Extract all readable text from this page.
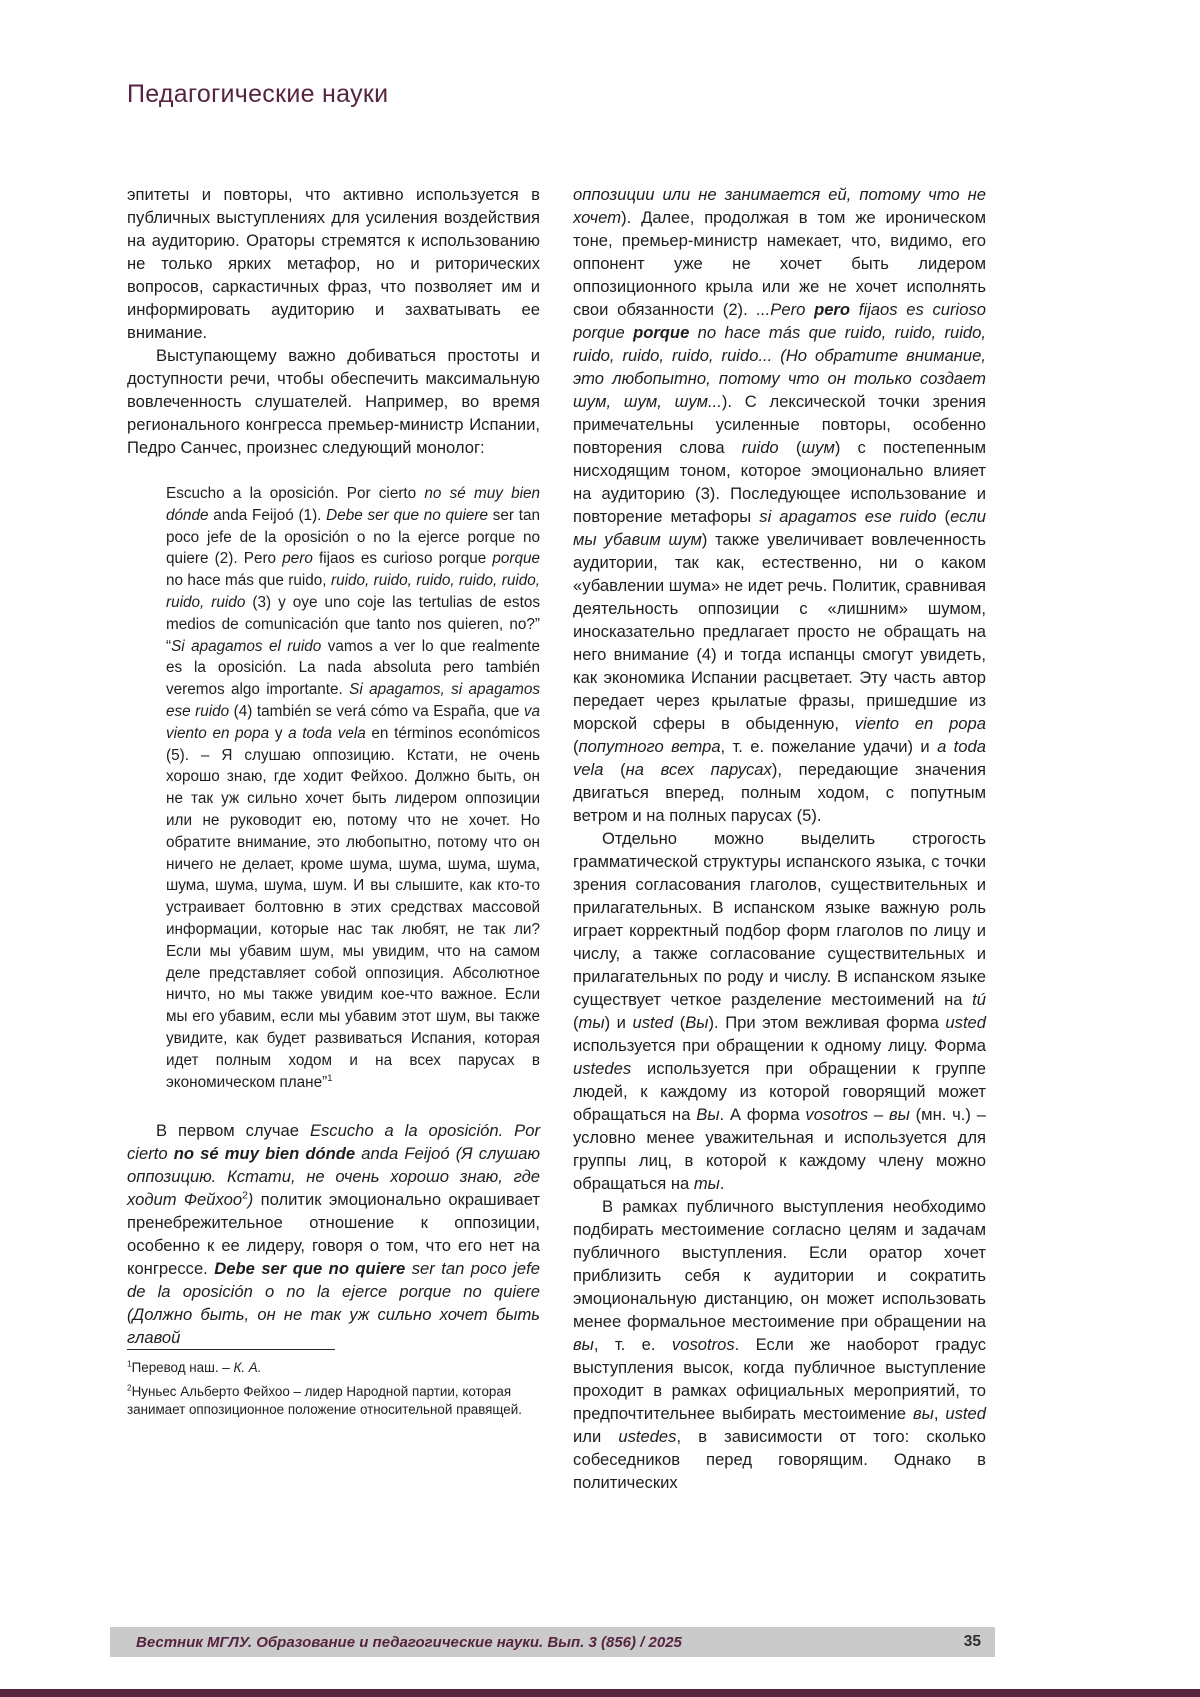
Педагогические науки

эпитеты и повторы, что активно используется в публичных выступлениях для усиления воздействия на аудиторию. Ораторы стремятся к использованию не только ярких метафор, но и риторических вопросов, саркастичных фраз, что позволяет им и информировать аудиторию и захватывать ее внимание.

Выступающему важно добиваться простоты и доступности речи, чтобы обеспечить максимальную вовлеченность слушателей. Например, во время регионального конгресса премьер-министр Испании, Педро Санчес, произнес следующий монолог:

Escucho a la oposición. Por cierto no sé muy bien dónde anda Feijoó (1). Debe ser que no quiere ser tan poco jefe de la oposición o no la ejerce porque no quiere (2). Pero pero fijaos es curioso porque porque no hace más que ruido, ruido, ruido, ruido, ruido, ruido, ruido, ruido (3) y oye uno coje las tertulias de estos medios de comunicación que tanto nos quieren, no?” “Si apagamos el ruido vamos a ver lo que realmente es la oposición. La nada absoluta pero también veremos algo importante. Si apagamos, si apagamos ese ruido (4) también se verá cómo va España, que va viento en popa y a toda vela en términos económicos (5). – Я слушаю оппозицию. Кстати, не очень хорошо знаю, где ходит Фейхоо. Должно быть, он не так уж сильно хочет быть лидером оппозиции или не руководит ею, потому что не хочет. Но обратите внимание, это любопытно, потому что он ничего не делает, кроме шума, шума, шума, шума, шума, шума, шума, шум. И вы слышите, как кто-то устраивает болтовню в этих средствах массовой информации, которые нас так любят, не так ли? Если мы убавим шум, мы увидим, что на самом деле представляет собой оппозиция. Абсолютное ничто, но мы также увидим кое-что важное. Если мы его убавим, если мы убавим этот шум, вы также увидите, как будет развиваться Испания, которая идет полным ходом и на всех парусах в экономическом плане”$^1$

В первом случае Escucho a la oposición. Por cierto no sé muy bien dónde anda Feijoó (Я слушаю оппозицию. Кстати, не очень хорошо знаю, где ходит Фейхоо$^2$) политик эмоционально окрашивает пренебрежительное отношение к оппозиции, особенно к ее лидеру, говоря о том, что его нет на конгрессе. Debe ser que no quiere ser tan poco jefe de la oposición o no la ejerce porque no quiere (Должно быть, он не так уж сильно хочет быть главой

$^1$Перевод наш. – К. А.
$^2$Нуньес Альберто Фейхоо – лидер Народной партии, которая занимает оппозиционное положение относительной правящей.

оппозиции или не занимается ей, потому что не хочет). Далее, продолжая в том же ироническом тоне, премьер-министр намекает, что, видимо, его оппонент уже не хочет быть лидером оппозиционного крыла или же не хочет исполнять свои обязанности (2). ...Pero pero fijaos es curioso porque porque no hace más que ruido, ruido, ruido, ruido, ruido, ruido, ruido... (Но обратите внимание, это любопытно, потому что он только создает шум, шум, шум...). С лексической точки зрения примечательны усиленные повторы, особенно повторения слова ruido (шум) с постепенным нисходящим тоном, которое эмоционально влияет на аудиторию (3). Последующее использование и повторение метафоры si apagamos ese ruido (если мы убавим шум) также увеличивает вовлеченность аудитории, так как, естественно, ни о каком «убавлении шума» не идет речь. Политик, сравнивая деятельность оппозиции с «лишним» шумом, иносказательно предлагает просто не обращать на него внимание (4) и тогда испанцы смогут увидеть, как экономика Испании расцветает. Эту часть автор передает через крылатые фразы, пришедшие из морской сферы в обыденную, viento en popa (попутного ветра, т. е. пожелание удачи) и a toda vela (на всех парусах), передающие значения двигаться вперед, полным ходом, с попутным ветром и на полных парусах (5).

Отдельно можно выделить строгость грамматической структуры испанского языка, с точки зрения согласования глаголов, существительных и прилагательных. В испанском языке важную роль играет корректный подбор форм глаголов по лицу и числу, а также согласование существительных и прилагательных по роду и числу. В испанском языке существует четкое разделение местоимений на tú (ты) и usted (Вы). При этом вежливая форма usted используется при обращении к одному лицу. Форма ustedes используется при обращении к группе людей, к каждому из которой говорящий может обращаться на Вы. А форма vosotros – вы (мн. ч.) – условно менее уважительная и используется для группы лиц, в которой к каждому члену можно обращаться на ты.

В рамках публичного выступления необходимо подбирать местоимение согласно целям и задачам публичного выступления. Если оратор хочет приблизить себя к аудитории и сократить эмоциональную дистанцию, он может использовать менее формальное местоимение при обращении на вы, т. е. vosotros. Если же наоборот градус выступления высок, когда публичное выступление проходит в рамках официальных мероприятий, то предпочтительнее выбирать местоимение вы, usted или ustedes, в зависимости от того: сколько собеседников перед говорящим. Однако в политических

Вестник МГЛУ. Образование и педагогические науки. Вып. 3 (856) / 2025	35
